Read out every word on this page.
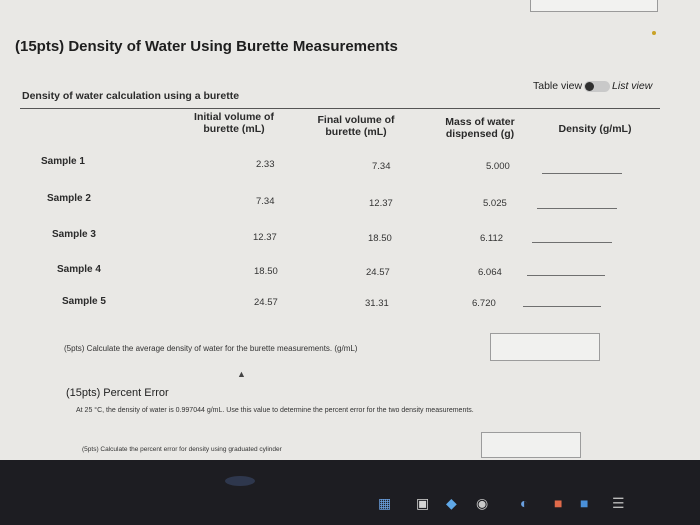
(15pts) Density of Water Using Burette Measurements
Table view	List view
Density of water calculation using a burette
Initial volume of
burette (mL)
Final volume of
burette (mL)
Mass of water
dispensed (g)	Density (g/mL)
Sample 1	2.33	7.34	5.000
Sample 2	7.34	12.37	5.025
Sample 3	12.37	18.50	6.112
Sample 4	18.50	24.57	6.064
Sample 5	24.57	31.31	6.720
(5pts) Calculate the average density of water for the burette measurements. (g/mL)
▲
(15pts) Percent Error
At 25 °C, the density of water is 0.997044 g/mL. Use this value to determine the percent error for the two density measurements.
(5pts) Calculate the percent error for density using graduated cylinder
▦ ▣ ◆ ◉ ◐ ■ ■ ☰
